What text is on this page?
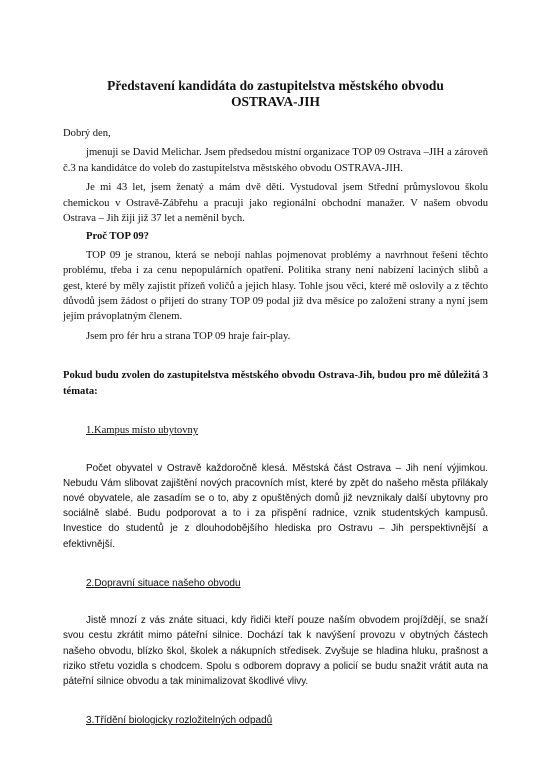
Představení kandidáta do zastupitelstva městského obvodu
OSTRAVA-JIH

Dobrý den,

jmenuji se David Melichar. Jsem předsedou místní organizace TOP 09 Ostrava –JIH a zároveň č.3 na kandidátce do voleb do zastupitelstva městského obvodu OSTRAVA-JIH.

Je mi 43 let, jsem ženatý a mám dvě děti. Vystudoval jsem Střední průmyslovou školu chemickou v Ostravě-Zábřehu a pracuji jako regionální obchodní manažer. V našem obvodu Ostrava – Jih žiji již 37 let a neměnil bych.

Proč TOP 09?

TOP 09 je stranou, která se nebojí nahlas pojmenovat problémy a navrhnout řešení těchto problému, třeba i za cenu nepopulárních opatření. Politika strany není nabízení laciných slibů a gest, které by měly zajistit přízeň voličů a jejich hlasy. Tohle jsou věci, které mě oslovily a z těchto důvodů jsem žádost o přijetí do strany TOP 09 podal již dva měsíce po založení strany a nyní jsem jejím právoplatným členem.

Jsem pro fér hru a strana TOP 09 hraje fair-play.

Pokud budu zvolen do zastupitelstva městského obvodu Ostrava-Jih, budou pro mě důležitá 3 témata:

1.Kampus místo ubytovny

Počet obyvatel v Ostravě každoročně klesá. Městská část Ostrava – Jih není výjimkou. Nebudu Vám slibovat zajištění nových pracovních míst, které by zpět do našeho města přilákaly nové obyvatele, ale zasadím se o to, aby z opuštěných domů již nevznikaly další ubytovny pro sociálně slabé. Budu podporovat a to i za přispění radnice, vznik studentských kampusů. Investice do studentů je z dlouhodobějšího hlediska pro Ostravu – Jih perspektivnější a efektivnější.

2.Dopravní situace našeho obvodu

Jistě mnozí z vás znáte situaci, kdy řidiči kteří pouze naším obvodem projíždějí, se snaží svou cestu zkrátit mimo páteřní silnice. Dochází tak k navýšení provozu v obytných částech našeho obvodu, blízko škol, školek a nákupních středisek. Zvyšuje se hladina hluku, prašnost a riziko střetu vozidla s chodcem. Spolu s odborem dopravy a policií se budu snažit vrátit auta na páteřní silnice obvodu a tak minimalizovat škodlivé vlivy.

3.Třídění biologicky rozložitelných odpadů
